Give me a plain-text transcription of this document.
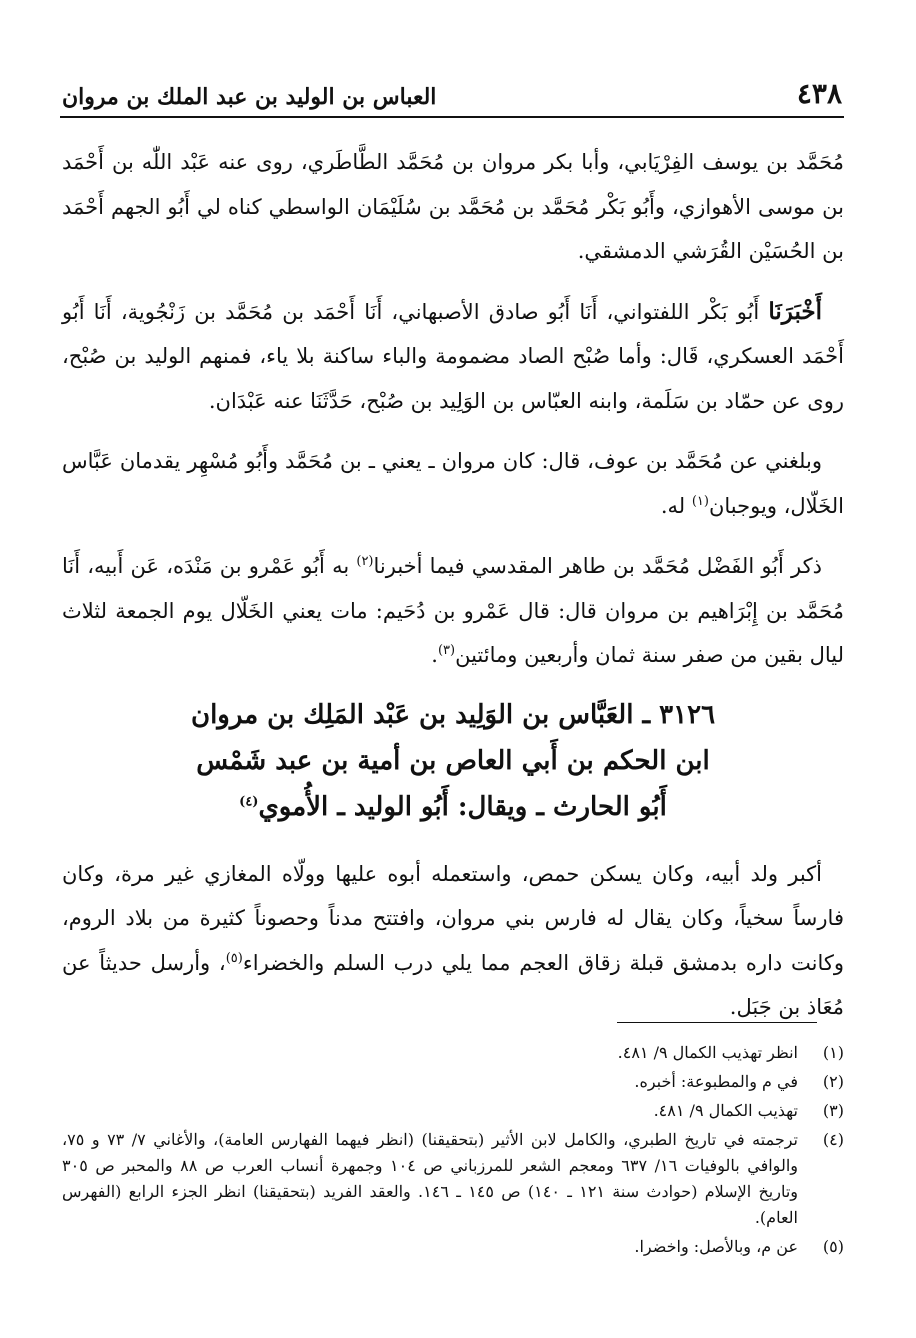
٤٣٨
العباس بن الوليد بن عبد الملك بن مروان

مُحَمَّد بن يوسف الفِرْيَابي، وأبا بكر مروان بن مُحَمَّد الطَّاطَري، روى عنه عَبْد اللّٰه بن أَحْمَد بن موسى الأهوازي، وأَبُو بَكْر مُحَمَّد بن مُحَمَّد بن سُلَيْمَان الواسطي كناه لي أَبُو الجهم أَحْمَد بن الحُسَيْن القُرَشي الدمشقي.

أَخْبَرَنَا أَبُو بَكْر اللفتواني، أَنَا أَبُو صادق الأصبهاني، أَنَا أَحْمَد بن مُحَمَّد بن زَنْجُوية، أَنَا أَبُو أَحْمَد العسكري، قَال: وأما صُبْح الصاد مضمومة والباء ساكنة بلا ياء، فمنهم الوليد بن صُبْح، روى عن حمّاد بن سَلَمة، وابنه العبّاس بن الوَلِيد بن صُبْح، حَدَّثَنَا عنه عَبْدَان.

وبلغني عن مُحَمَّد بن عوف، قال: كان مروان ـ يعني ـ بن مُحَمَّد وأَبُو مُسْهِر يقدمان عَبَّاس الخَلّال، ويوجبان$^{(١)}$ له.

ذكر أَبُو الفَضْل مُحَمَّد بن طاهر المقدسي فيما أخبرنا$^{(٢)}$ به أَبُو عَمْرو بن مَنْدَه، عَن أَبيه، أَنَا مُحَمَّد بن إِبْرَاهيم بن مروان قال: قال عَمْرو بن دُحَيم: مات يعني الخَلّال يوم الجمعة لثلاث ليال بقين من صفر سنة ثمان وأربعين ومائتين$^{(٣)}$.

٣١٢٦ ـ العَبَّاس بن الوَلِيد بن عَبْد المَلِك بن مروان
ابن الحكم بن أَبي العاص بن أمية بن عبد شَمْس
أَبُو الحارث ـ ويقال: أَبُو الوليد ـ الأُموي$^{(٤)}$

أكبر ولد أبيه، وكان يسكن حمص، واستعمله أبوه عليها وولّاه المغازي غير مرة، وكان فارساً سخياً، وكان يقال له فارس بني مروان، وافتتح مدناً وحصوناً كثيرة من بلاد الروم، وكانت داره بدمشق قبلة زقاق العجم مما يلي درب السلم والخضراء$^{(٥)}$، وأرسل حديثاً عن مُعَاذ بن جَبَل.

(١)
انظر تهذيب الكمال ٩/ ٤٨١.
(٢)
في م والمطبوعة: أخبره.
(٣)
تهذيب الكمال ٩/ ٤٨١.
(٤)
ترجمته في تاريخ الطبري، والكامل لابن الأثير (بتحقيقنا) (انظر فيهما الفهارس العامة)، والأغاني ٧/ ٧٣ و ٧٥، والوافي بالوفيات ١٦/ ٦٣٧ ومعجم الشعر للمرزباني ص ١٠٤ وجمهرة أنساب العرب ص ٨٨ والمحبر ص ٣٠٥ وتاريخ الإسلام (حوادث سنة ١٢١ ـ ١٤٠) ص ١٤٥ ـ ١٤٦. والعقد الفريد (بتحقيقنا) انظر الجزء الرابع (الفهرس العام).
(٥)
عن م، وبالأصل: واخضرا.
